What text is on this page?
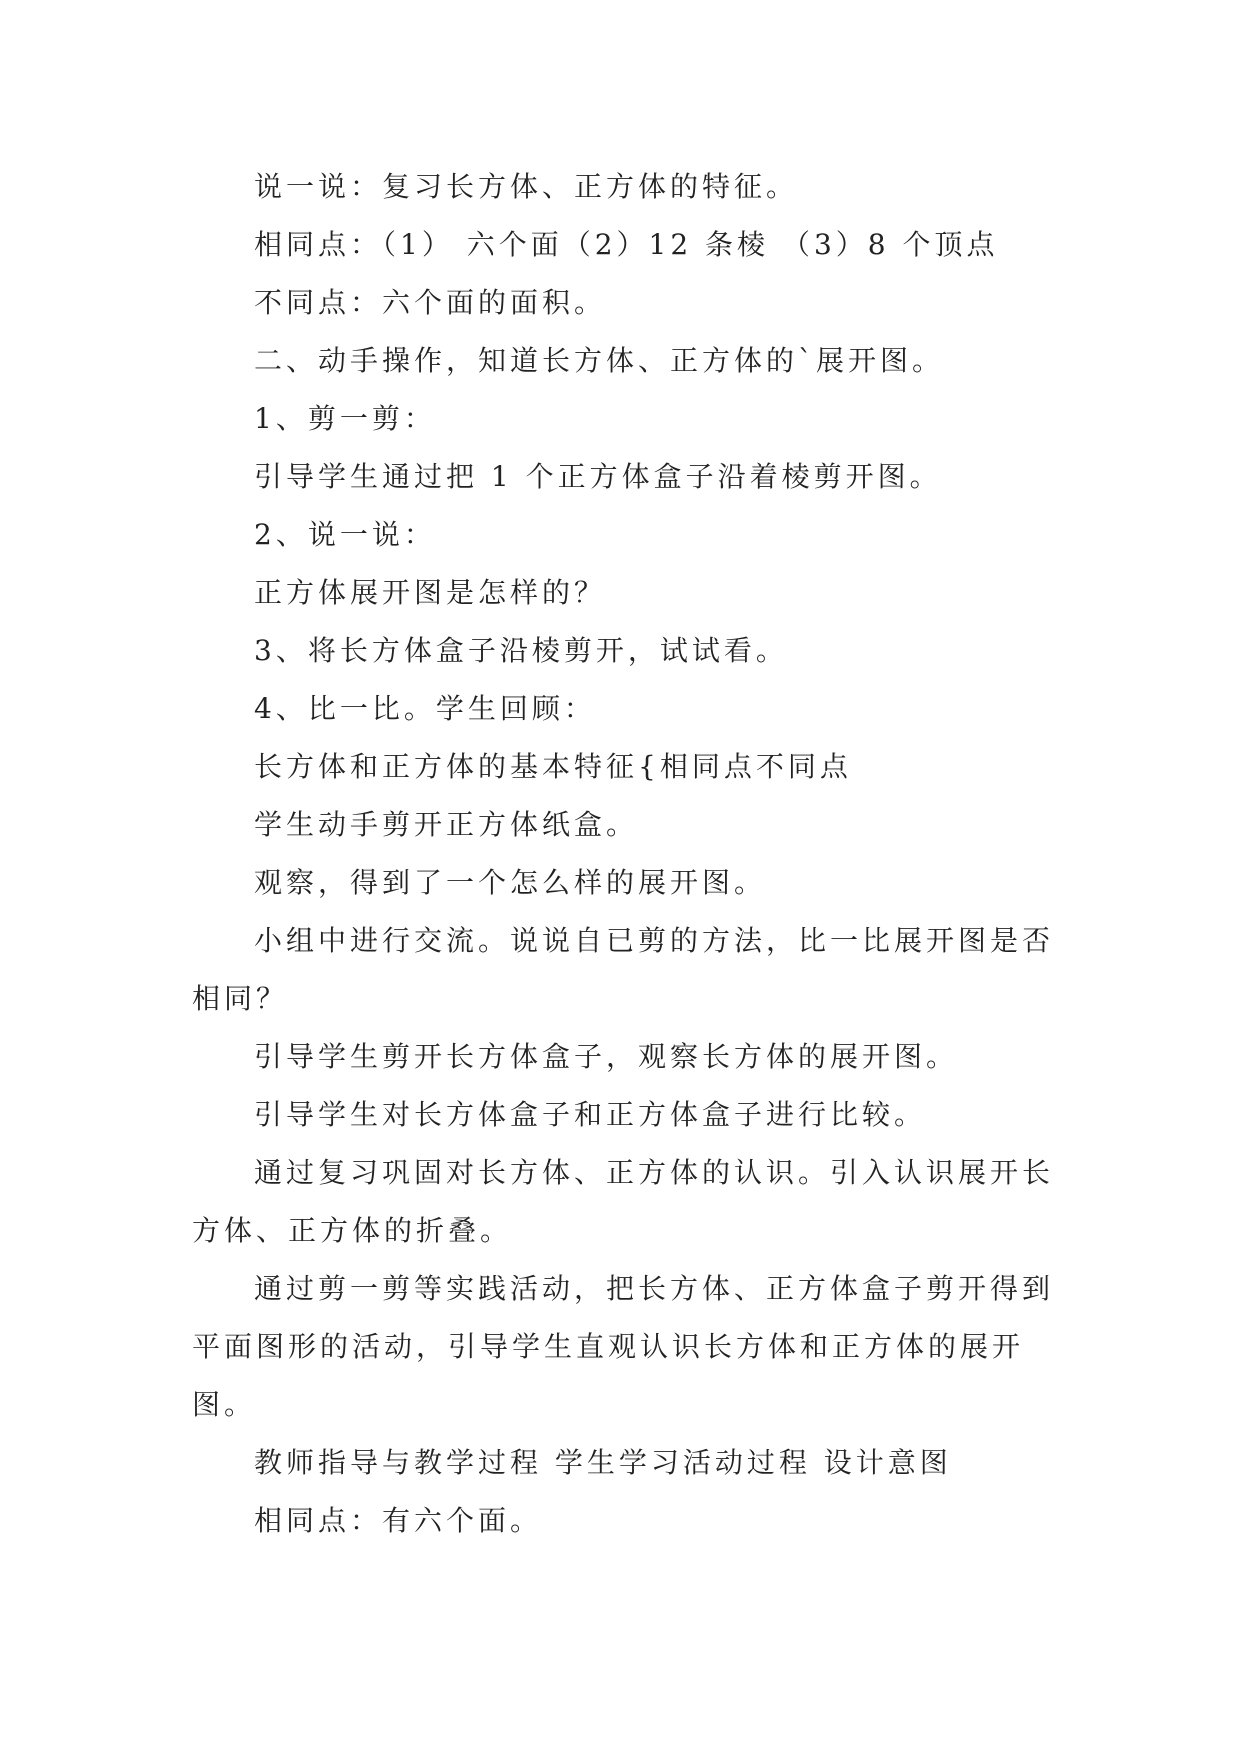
说一说：复习长方体、正方体的特征。

相同点：（1） 六个面（2）12 条棱 （3）8 个顶点

不同点：六个面的面积。

二、动手操作，知道长方体、正方体的`展开图。

1、剪一剪：

引导学生通过把 1 个正方体盒子沿着棱剪开图。

2、说一说：

正方体展开图是怎样的？

3、将长方体盒子沿棱剪开，试试看。

4、比一比。学生回顾：

长方体和正方体的基本特征{相同点不同点

学生动手剪开正方体纸盒。

观察，得到了一个怎么样的展开图。

小组中进行交流。说说自已剪的方法，比一比展开图是否相同？

引导学生剪开长方体盒子，观察长方体的展开图。

引导学生对长方体盒子和正方体盒子进行比较。

通过复习巩固对长方体、正方体的认识。引入认识展开长方体、正方体的折叠。

通过剪一剪等实践活动，把长方体、正方体盒子剪开得到平面图形的活动，引导学生直观认识长方体和正方体的展开图。

教师指导与教学过程 学生学习活动过程 设计意图

相同点：有六个面。
